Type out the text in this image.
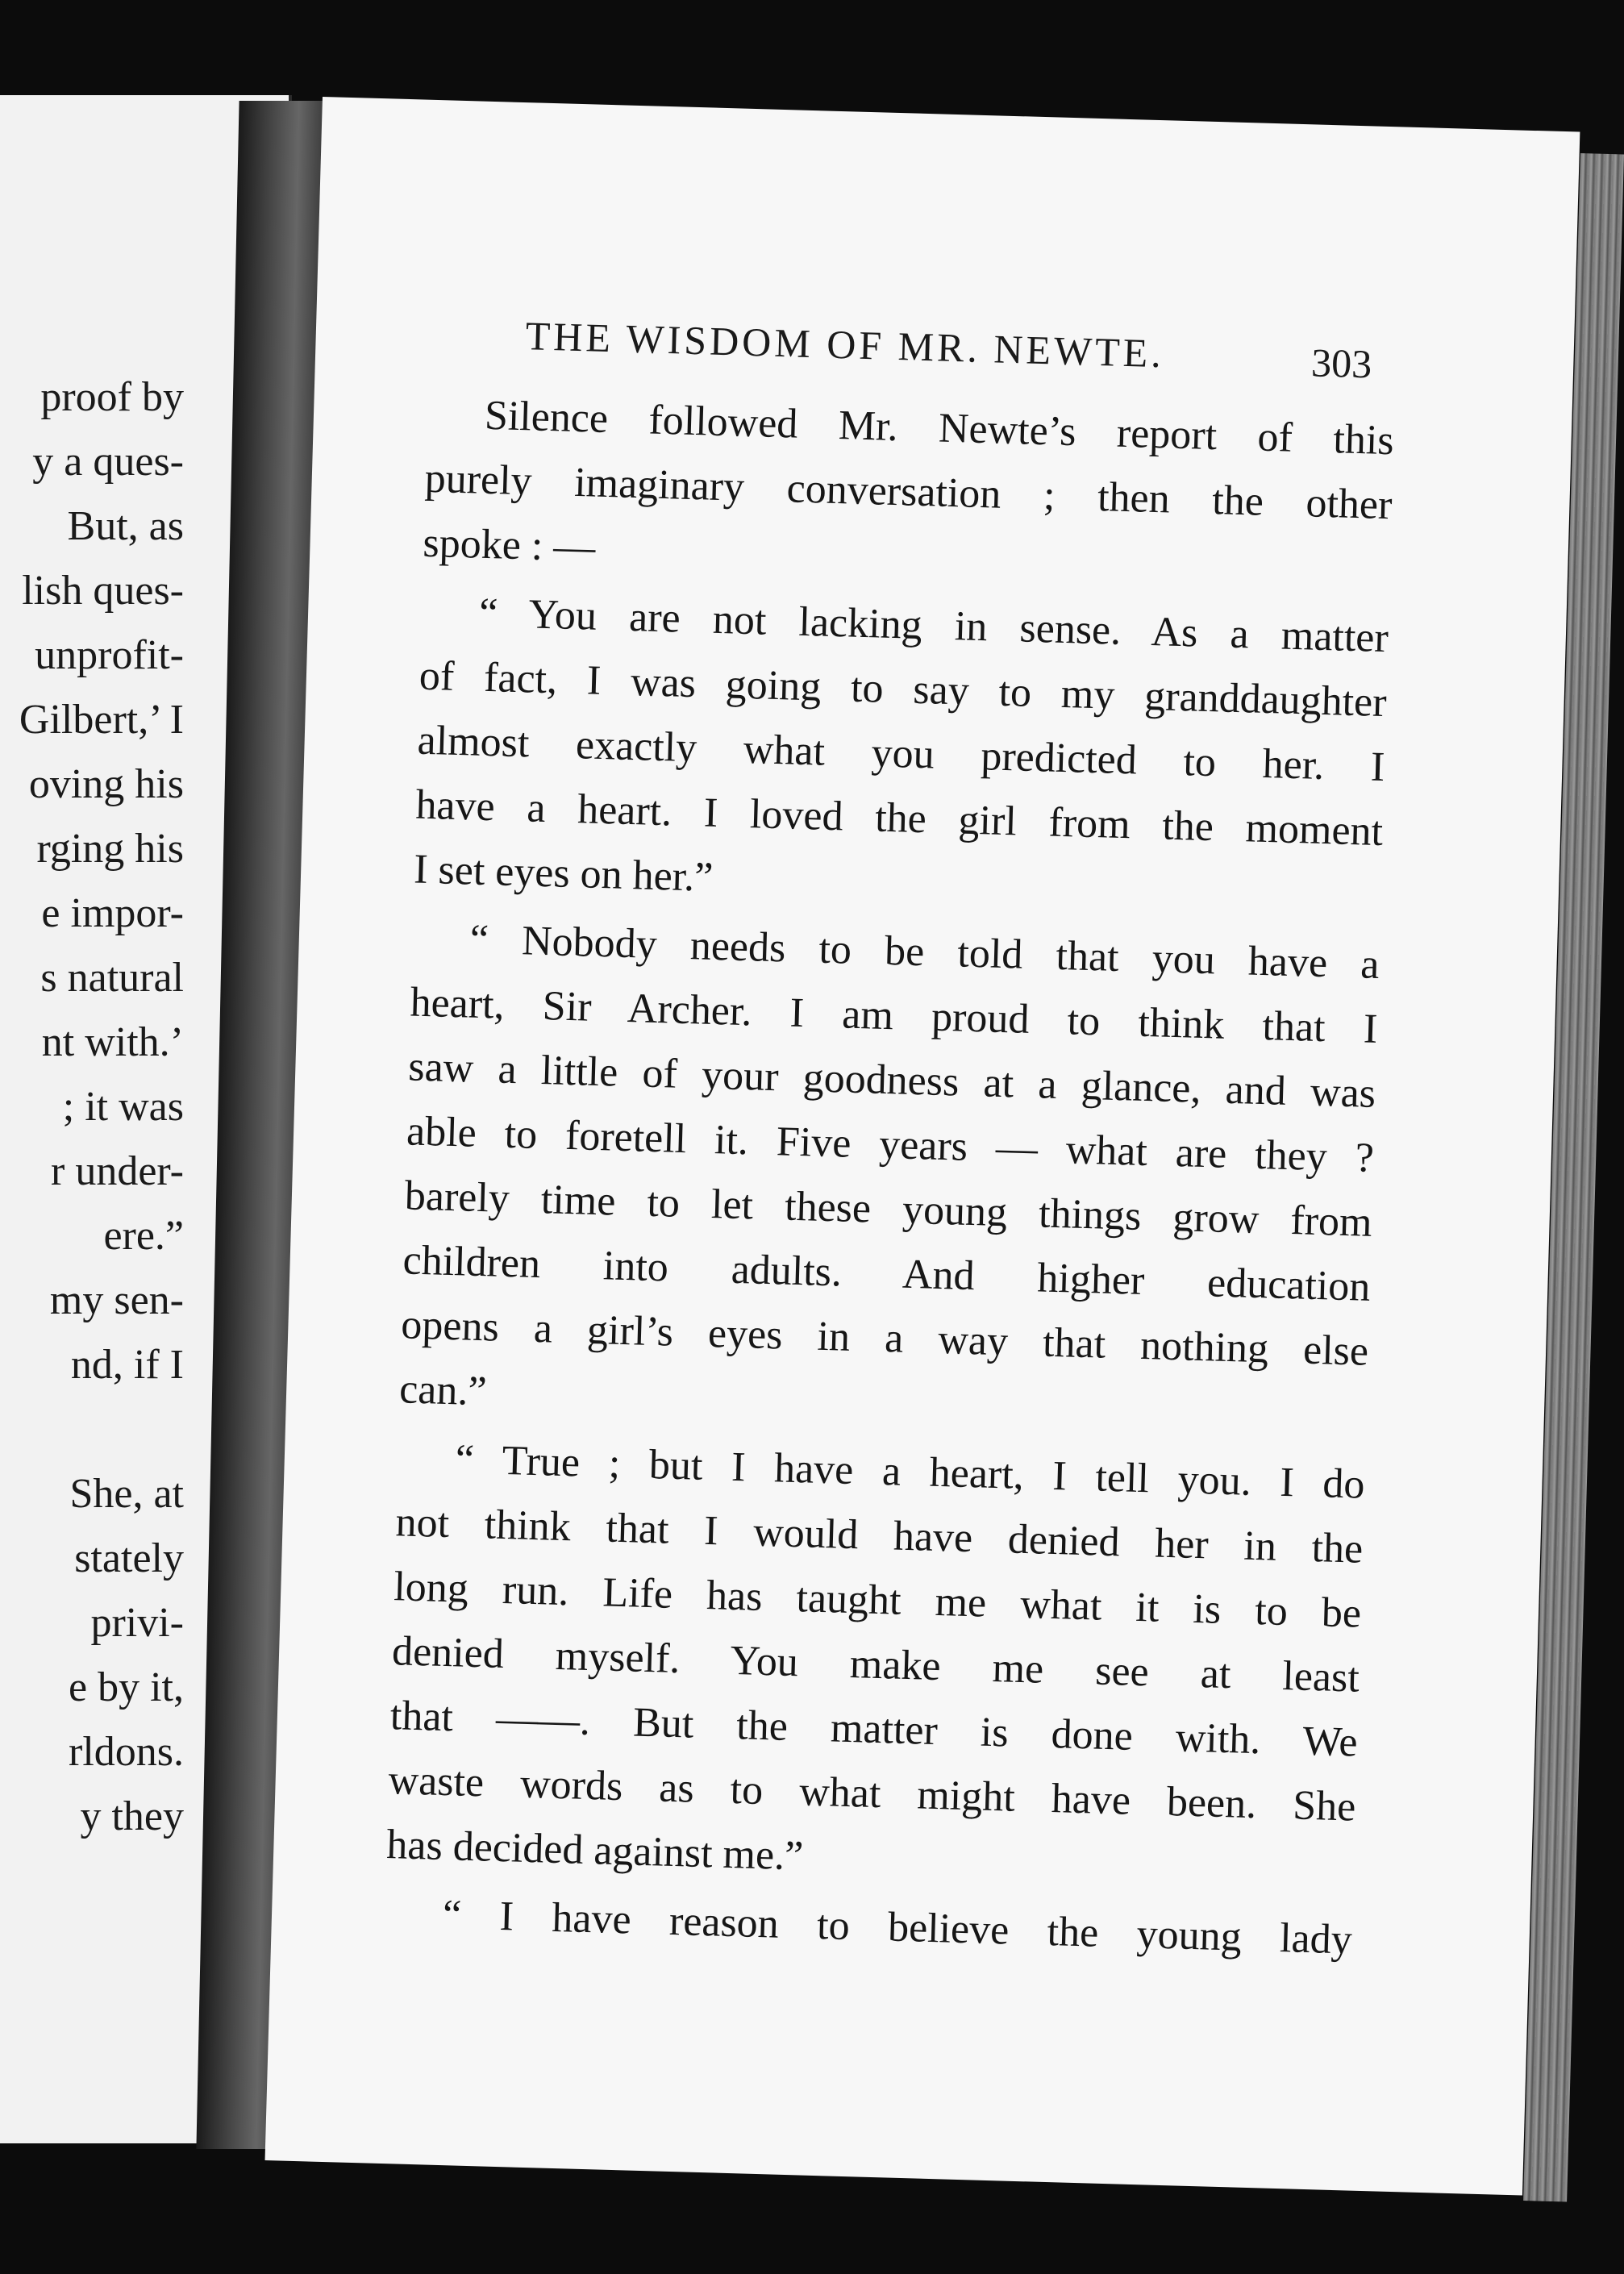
proof by
y a ques-
But, as
lish ques-
unprofit-
Gilbert,’ I
oving his
rging his
e impor-
s natural
nt with.’
; it was
r under-
ere.”
my sen-
nd, if I
She, at
stately
privi-
e by it,
rldons.
y they
THE WISDOM OF MR. NEWTE.	303
Silence followed Mr. Newte’s report of this
purely imaginary conversation ; then the other
spoke : —
“ You are not lacking in sense. As a matter
of fact, I was going to say to my granddaughter
almost exactly what you predicted to her. I
have a heart. I loved the girl from the moment
I set eyes on her.”
“ Nobody needs to be told that you have a
heart, Sir Archer. I am proud to think that I
saw a little of your goodness at a glance, and was
able to foretell it. Five years — what are they ?
barely time to let these young things grow from
children into adults. And higher education
opens a girl’s eyes in a way that nothing else
can.”
“ True ; but I have a heart, I tell you. I do
not think that I would have denied her in the
long run. Life has taught me what it is to be
denied myself. You make me see at least
that ——. But the matter is done with. We
waste words as to what might have been. She
has decided against me.”
“ I have reason to believe the young lady
